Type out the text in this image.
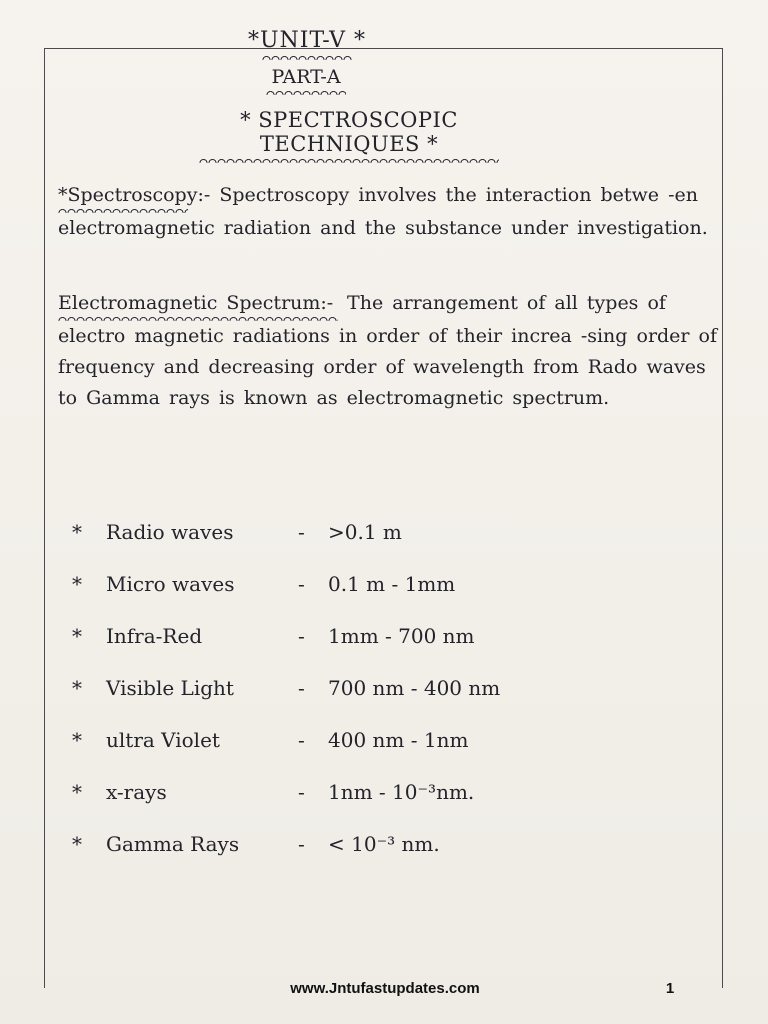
*UNIT-V *
PART-A
* SPECTROSCOPIC TECHNIQUES *
*Spectroscopy:- Spectroscopy involves the interaction betwe -en electromagnetic radiation and the substance under investigation.
Electromagnetic Spectrum:- The arrangement of all types of electro magnetic radiations in order of their increa -sing order of frequency and decreasing order of wavelength from Rado waves to Gamma rays is known as electromagnetic spectrum.
* Radio waves	- >0.1 m
* Micro waves	- 0.1 m - 1mm
* Infra-Red	- 1mm - 700 nm
* Visible Light	- 700 nm - 400 nm
* ultra Violet	- 400 nm - 1nm
* x-rays	- 1nm - 10⁻³nm.
* Gamma Rays	- < 10⁻³ nm.
www.Jntufastupdates.com	1
